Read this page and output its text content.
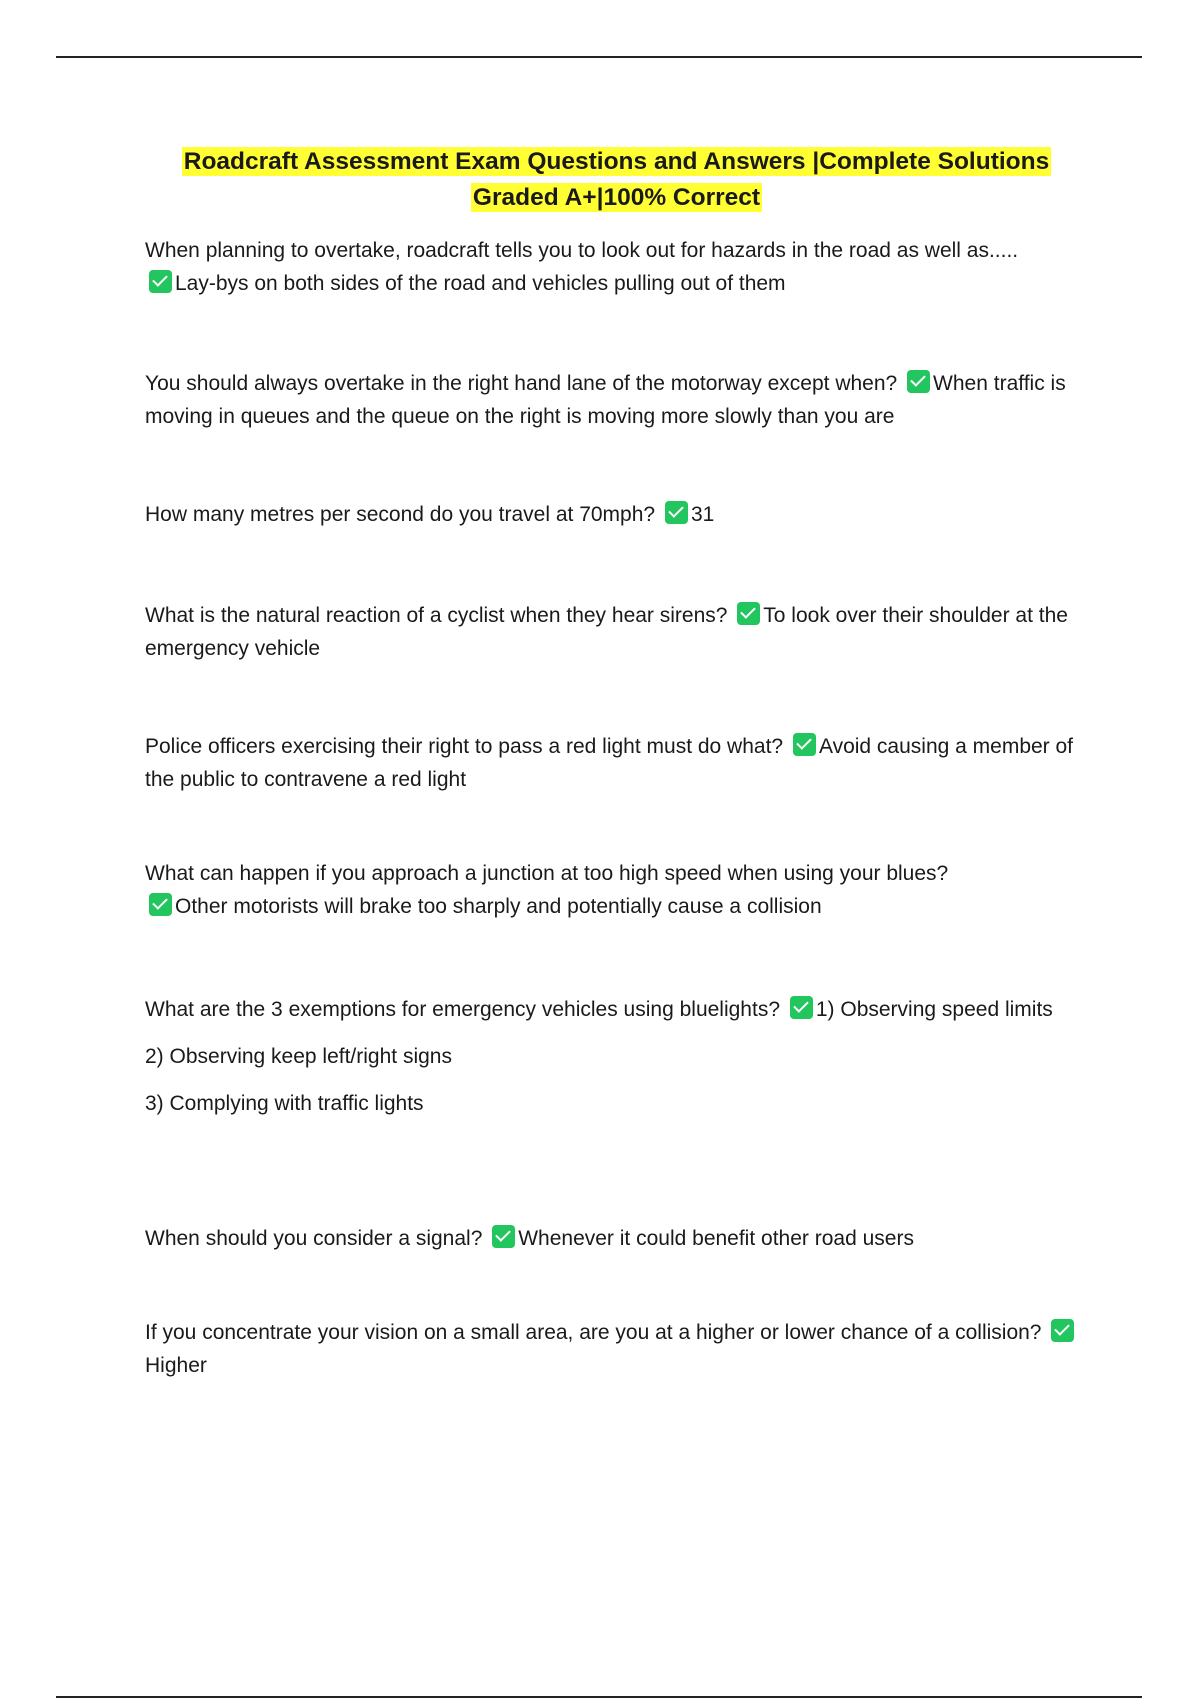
Roadcraft Assessment Exam Questions and Answers |Complete Solutions
Graded A+|100% Correct
When planning to overtake, roadcraft tells you to look out for hazards in the road as well as.....
Lay-bys on both sides of the road and vehicles pulling out of them
You should always overtake in the right hand lane of the motorway except when? When traffic is moving in queues and the queue on the right is moving more slowly than you are
How many metres per second do you travel at 70mph? 31
What is the natural reaction of a cyclist when they hear sirens? To look over their shoulder at the emergency vehicle
Police officers exercising their right to pass a red light must do what? Avoid causing a member of the public to contravene a red light
What can happen if you approach a junction at too high speed when using your blues?
Other motorists will brake too sharply and potentially cause a collision
What are the 3 exemptions for emergency vehicles using bluelights? 1) Observing speed limits
2) Observing keep left/right signs
3) Complying with traffic lights
When should you consider a signal? Whenever it could benefit other road users
If you concentrate your vision on a small area, are you at a higher or lower chance of a collision? Higher
